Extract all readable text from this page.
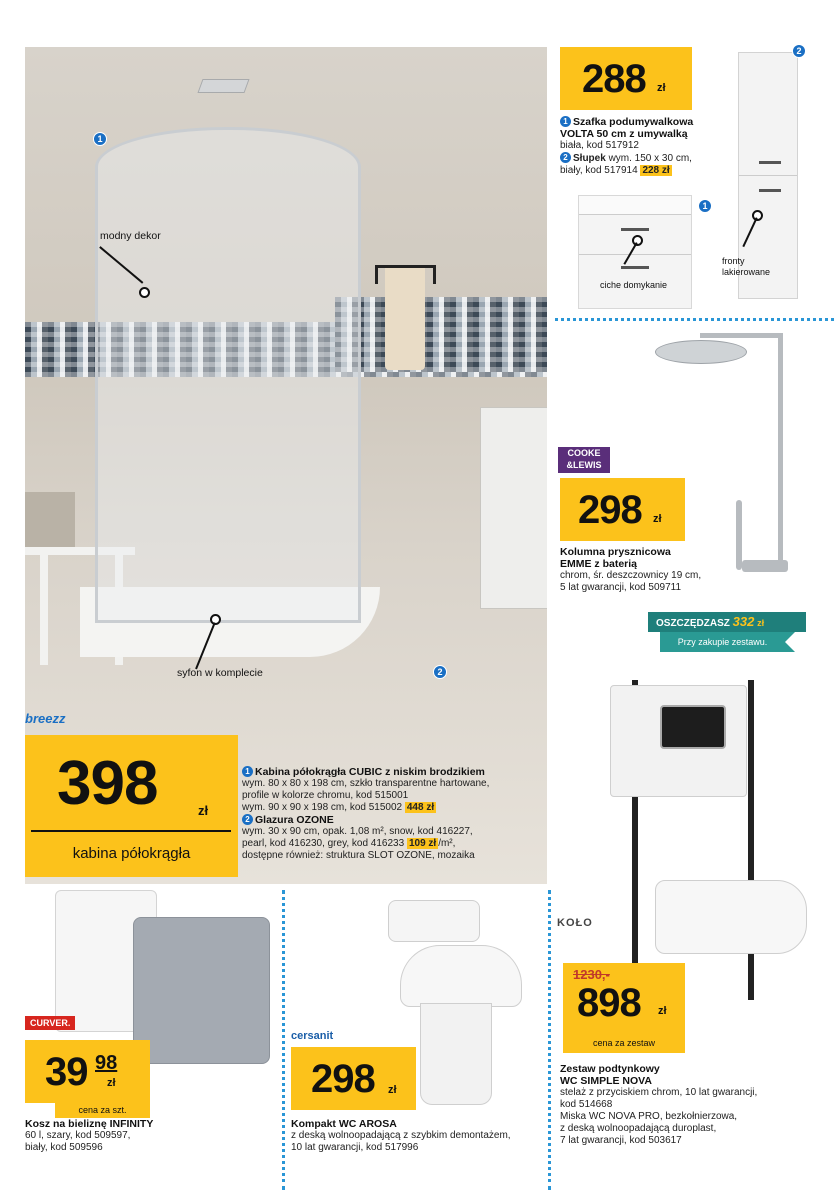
1
2
modny dekor
syfon w komplecie
breezz
398	zł
kabina półokrągła
1 Kabina półokrągła CUBIC z niskim brodzikiem
wym. 80 x 80 x 198 cm, szkło transparentne hartowane,
profile w kolorze chromu, kod 515001
wym. 90 x 90 x 198 cm, kod 515002 448 zł
2 Glazura OZONE
wym. 30 x 90 cm, opak. 1,08 m², snow, kod 416227,
pearl, kod 416230, grey, kod 416233 109 zł /m²,
dostępne również: struktura SLOT OZONE, mozaika
288 zł
1 Szafka podumywalkowa
VOLTA 50 cm z umywalką
biała, kod 517912
2 Słupek wym. 150 x 30 cm,
biały, kod 517914 228 zł
1
cichе domykanie
2
fronty
lakierowane
COOKE
&LEWIS
298 zł
Kolumna prysznicowa
EMME z baterią
chrom, śr. deszczownicy 19 cm,
5 lat gwarancji, kod 509711
OSZCZĘDZASZ 332 zł
Przy zakupie zestawu.
KOŁO
1230,-
898 zł
cena za zestaw
Zestaw podtynkowy
WC SIMPLE NOVA
stelaż z przyciskiem chrom, 10 lat gwarancji,
kod 514668
Miska WC NOVA PRO, bezkołnierzowa,
z deską wolnoopadającą duroplast,
7 lat gwarancji, kod 503617
CURVER.
39 98
zł
cena za szt.
Kosz na bieliznę INFINITY
60 l, szary, kod 509597,
biały, kod 509596
cersanit
298 zł
Kompakt WC AROSA
z deską wolnoopadającą z szybkim demontażem,
10 lat gwarancji, kod 517996
